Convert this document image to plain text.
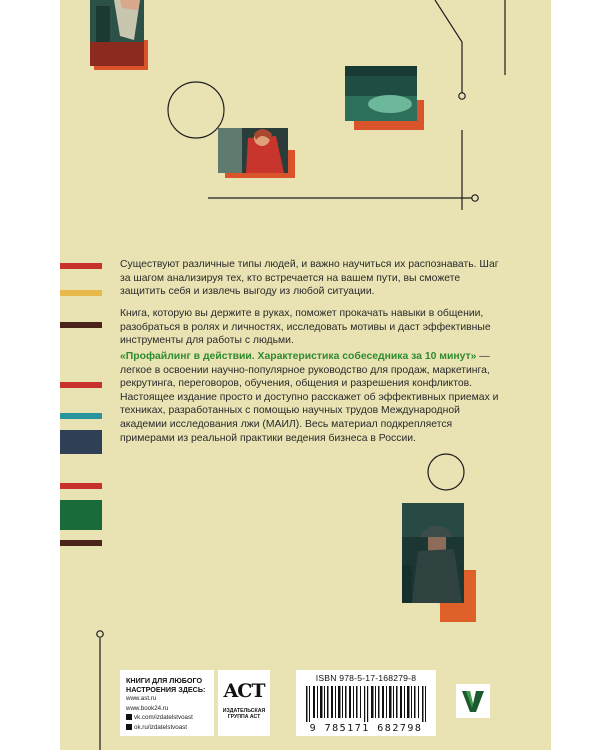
Существуют различные типы людей, и важно научиться их распознавать. Шаг за шагом анализируя тех, кто встречается на вашем пути, вы сможете защитить себя и извлечь выгоду из любой ситуации.

Книга, которую вы держите в руках, поможет прокачать навыки в общении, разобраться в ролях и личностях, исследовать мотивы и даст эффективные инструменты для работы с людьми.

«Профайлинг в действии. Характеристика собеседника за 10 минут» — легкое в освоении научно-популярное руководство для продаж, маркетинга, рекрутинга, переговоров, обучения, общения и разрешения конфликтов. Настоящее издание просто и доступно расскажет об эффективных приемах и техниках, разработанных с помощью научных трудов Международной академии исследования лжи (МАИЛ). Весь материал подкрепляется примерами из реальной практики ведения бизнеса в России.

КНИГИ ДЛЯ ЛЮБОГО НАСТРОЕНИЯ ЗДЕСЬ:
www.ast.ru
www.book24.ru
vk.com/izdatelstvoast
ok.ru/izdatelstvoast
ACT
ИЗДАТЕЛЬСКАЯ ГРУППА АСТ
ISBN 978-5-17-168279-8
9 785171 682798
